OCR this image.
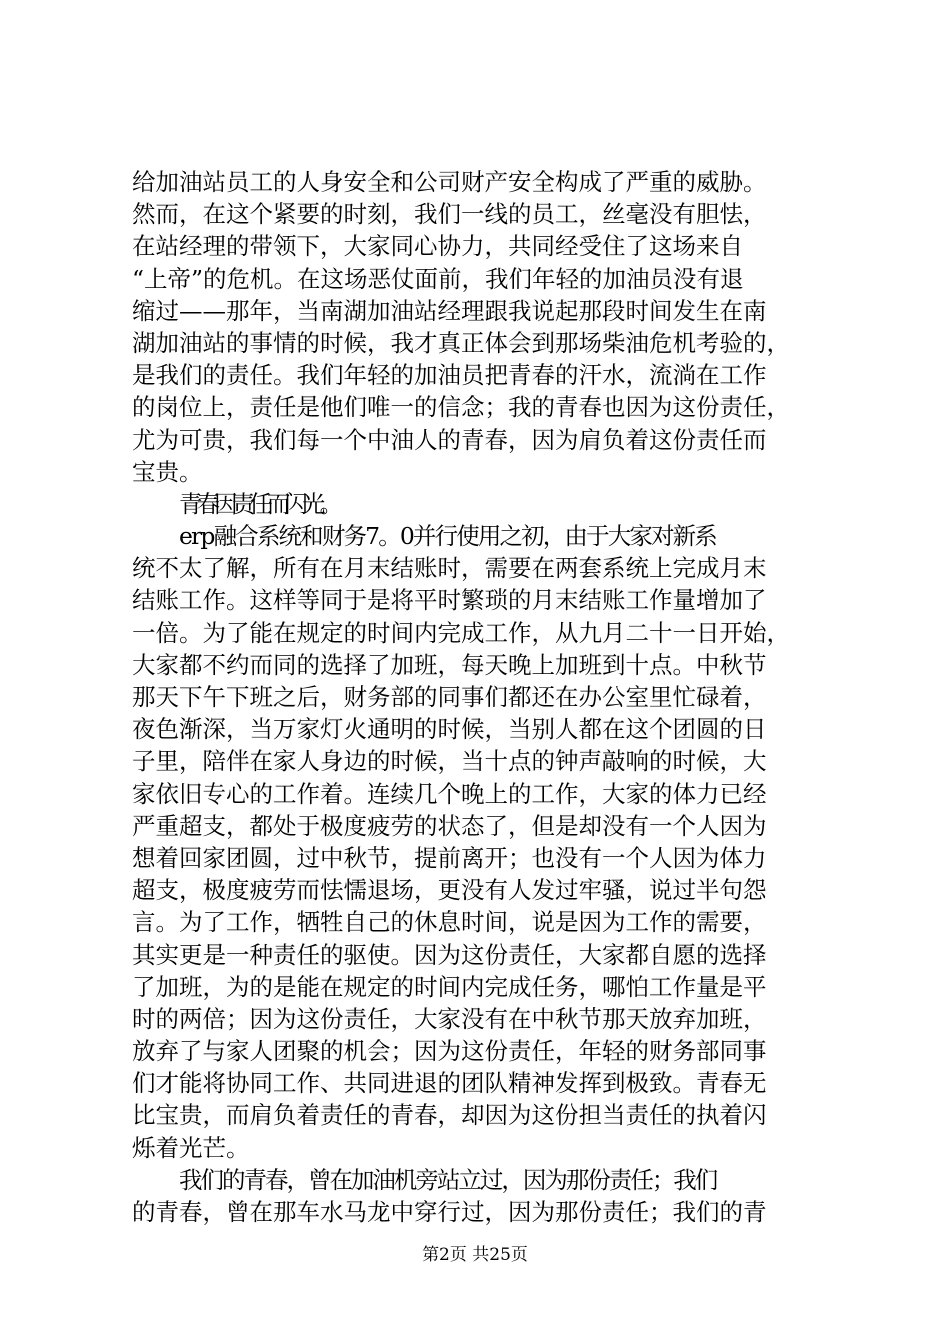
给加油站员工的人身安全和公司财产安全构成了严重的威胁。
然而，在这个紧要的时刻，我们一线的员工，丝毫没有胆怯，
在站经理的带领下，大家同心协力，共同经受住了这场来自
“上帝”的危机。在这场恶仗面前，我们年轻的加油员没有退
缩过——那年，当南湖加油站经理跟我说起那段时间发生在南
湖加油站的事情的时候，我才真正体会到那场柴油危机考验的，
是我们的责任。我们年轻的加油员把青春的汗水，流淌在工作
的岗位上，责任是他们唯一的信念；我的青春也因为这份责任，
尤为可贵，我们每一个中油人的青春，因为肩负着这份责任而
宝贵。
青春因责任而闪光。
erp融合系统和财务7。0并行使用之初，由于大家对新系
统不太了解，所有在月末结账时，需要在两套系统上完成月末
结账工作。这样等同于是将平时繁琐的月末结账工作量增加了
一倍。为了能在规定的时间内完成工作，从九月二十一日开始，
大家都不约而同的选择了加班，每天晚上加班到十点。中秋节
那天下午下班之后，财务部的同事们都还在办公室里忙碌着，
夜色渐深，当万家灯火通明的时候，当别人都在这个团圆的日
子里，陪伴在家人身边的时候，当十点的钟声敲响的时候，大
家依旧专心的工作着。连续几个晚上的工作，大家的体力已经
严重超支，都处于极度疲劳的状态了，但是却没有一个人因为
想着回家团圆，过中秋节，提前离开；也没有一个人因为体力
超支，极度疲劳而怯懦退场，更没有人发过牢骚，说过半句怨
言。为了工作，牺牲自己的休息时间，说是因为工作的需要，
其实更是一种责任的驱使。因为这份责任，大家都自愿的选择
了加班，为的是能在规定的时间内完成任务，哪怕工作量是平
时的两倍；因为这份责任，大家没有在中秋节那天放弃加班，
放弃了与家人团聚的机会；因为这份责任，年轻的财务部同事
们才能将协同工作、共同进退的团队精神发挥到极致。青春无
比宝贵，而肩负着责任的青春，却因为这份担当责任的执着闪
烁着光芒。
我们的青春，曾在加油机旁站立过，因为那份责任；我们
的青春，曾在那车水马龙中穿行过，因为那份责任；我们的青
第2页 共25页
